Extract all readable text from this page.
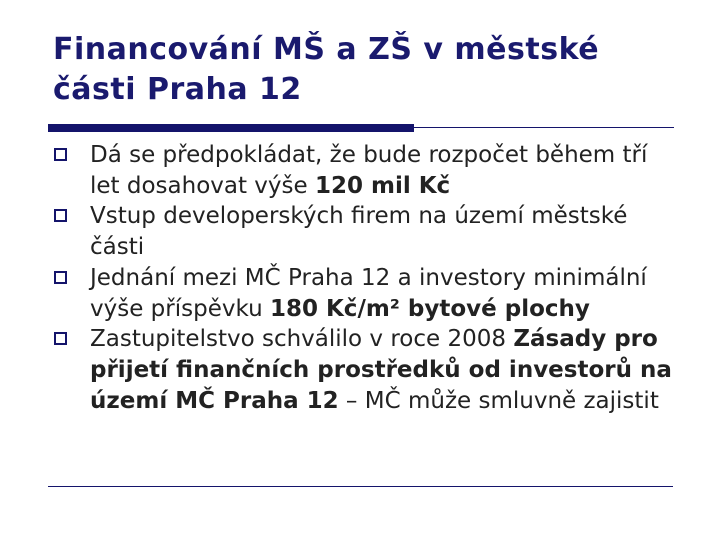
Financování MŠ a ZŠ v městské
části Praha 12
Dá se předpokládat, že bude rozpočet během tří let dosahovat výše 120 mil Kč
Vstup developerských firem na území městské části
Jednání mezi MČ Praha 12 a investory minimální výše příspěvku 180 Kč/m² bytové plochy
Zastupitelstvo schválilo v roce 2008 Zásady pro přijetí finančních prostředků od investorů na území MČ Praha 12 – MČ může smluvně zajistit
